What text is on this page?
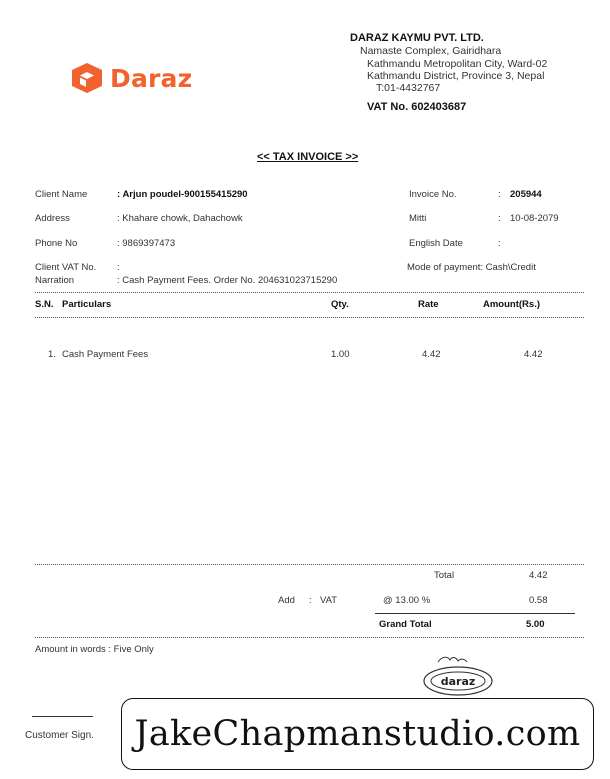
Daraz
DARAZ KAYMU PVT. LTD.
Namaste Complex, Gairidhara
Kathmandu Metropolitan City, Ward-02
Kathmandu District, Province 3, Nepal
T:01-4432767
VAT No. 602403687
<< TAX INVOICE >>
Client Name	: Arjun poudel-900155415290
Address	: Khahare chowk, Dahachowk
Phone No	: 9869397473
Client VAT No. :
Narration	: Cash Payment Fees. Order No. 204631023715290
Invoice No.	: 205944
Mitti	: 10-08-2079
English Date	:
Mode of payment: Cash\Credit
S.N. Particulars	Qty.	Rate	Amount(Rs.)
1. Cash Payment Fees	1.00	4.42	4.42
Total	4.42
Add : VAT	@ 13.00 %	0.58
Grand Total	5.00
Amount in words : Five Only
daraz
Customer Sign. JakeChapmanstudio.com
